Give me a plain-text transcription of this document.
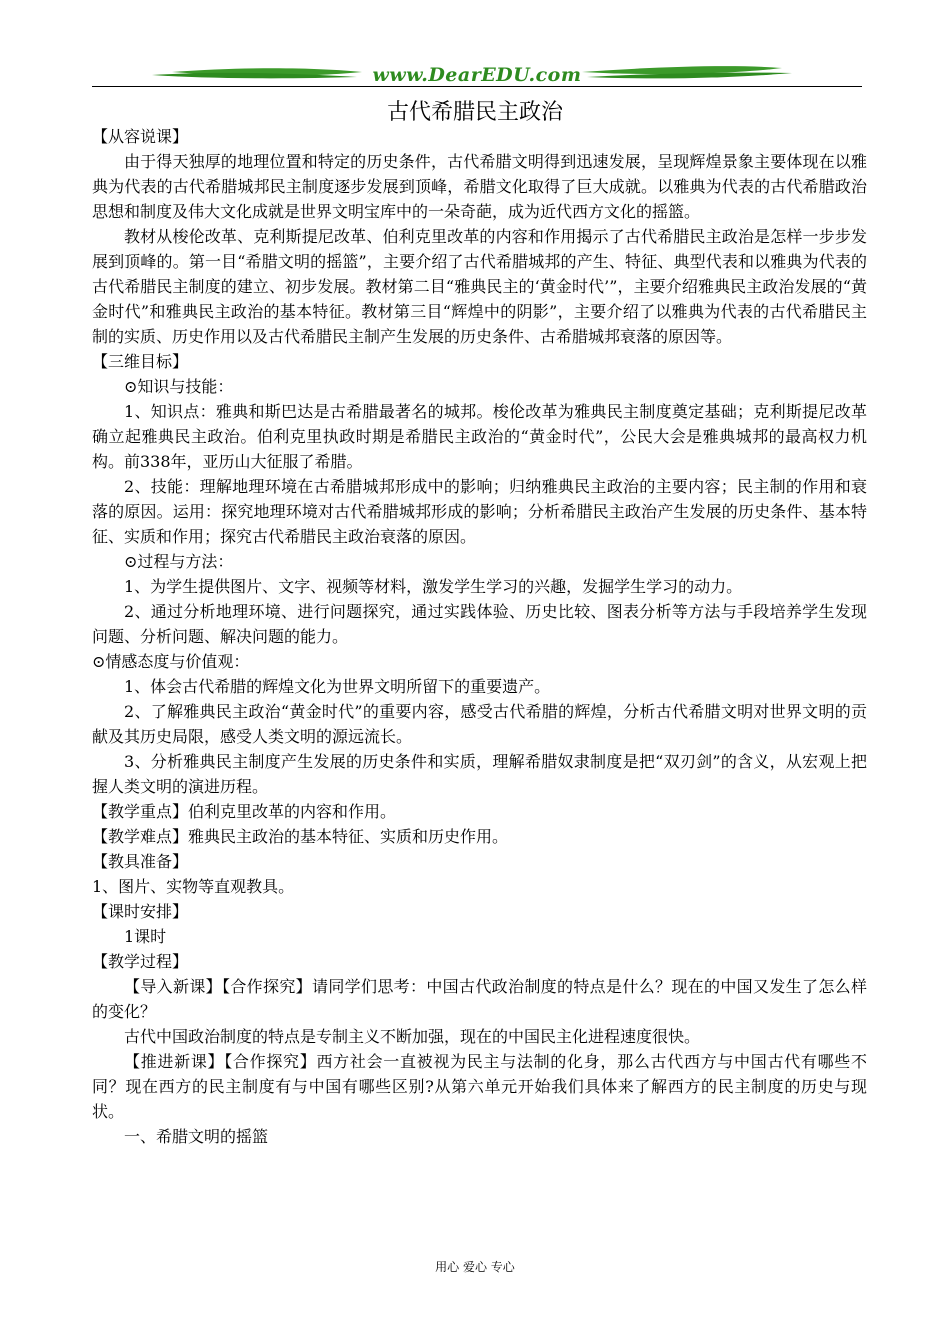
www.DearEDU.com
古代希腊民主政治

【从容说课】

由于得天独厚的地理位置和特定的历史条件，古代希腊文明得到迅速发展，呈现辉煌景象主要体现在以雅典为代表的古代希腊城邦民主制度逐步发展到顶峰，希腊文化取得了巨大成就。以雅典为代表的古代希腊政治思想和制度及伟大文化成就是世界文明宝库中的一朵奇葩，成为近代西方文化的摇篮。

教材从梭伦改革、克利斯提尼改革、伯利克里改革的内容和作用揭示了古代希腊民主政治是怎样一步步发展到顶峰的。第一目“希腊文明的摇篮”，主要介绍了古代希腊城邦的产生、特征、典型代表和以雅典为代表的古代希腊民主制度的建立、初步发展。教材第二目“雅典民主的‘黄金时代’”，主要介绍雅典民主政治发展的“黄金时代”和雅典民主政治的基本特征。教材第三目“辉煌中的阴影”，主要介绍了以雅典为代表的古代希腊民主制的实质、历史作用以及古代希腊民主制产生发展的历史条件、古希腊城邦衰落的原因等。

【三维目标】

⊙知识与技能：

1、知识点：雅典和斯巴达是古希腊最著名的城邦。梭伦改革为雅典民主制度奠定基础；克利斯提尼改革确立起雅典民主政治。伯利克里执政时期是希腊民主政治的“黄金时代”，公民大会是雅典城邦的最高权力机构。前338年，亚历山大征服了希腊。

2、技能：理解地理环境在古希腊城邦形成中的影响；归纳雅典民主政治的主要内容；民主制的作用和衰落的原因。运用：探究地理环境对古代希腊城邦形成的影响；分析希腊民主政治产生发展的历史条件、基本特征、实质和作用；探究古代希腊民主政治衰落的原因。

⊙过程与方法：

1、为学生提供图片、文字、视频等材料，激发学生学习的兴趣，发掘学生学习的动力。

2、通过分析地理环境、进行问题探究，通过实践体验、历史比较、图表分析等方法与手段培养学生发现问题、分析问题、解决问题的能力。

⊙情感态度与价值观：

1、体会古代希腊的辉煌文化为世界文明所留下的重要遗产。

2、了解雅典民主政治“黄金时代”的重要内容，感受古代希腊的辉煌，分析古代希腊文明对世界文明的贡献及其历史局限，感受人类文明的源远流长。

3、分析雅典民主制度产生发展的历史条件和实质，理解希腊奴隶制度是把“双刃剑”的含义，从宏观上把握人类文明的演进历程。

【教学重点】伯利克里改革的内容和作用。

【教学难点】雅典民主政治的基本特征、实质和历史作用。

【教具准备】

1、图片、实物等直观教具。

【课时安排】

1课时

【教学过程】

【导入新课】【合作探究】请同学们思考：中国古代政治制度的特点是什么？现在的中国又发生了怎么样的变化？

古代中国政治制度的特点是专制主义不断加强，现在的中国民主化进程速度很快。

【推进新课】【合作探究】西方社会一直被视为民主与法制的化身，那么古代西方与中国古代有哪些不同？现在西方的民主制度有与中国有哪些区别?从第六单元开始我们具体来了解西方的民主制度的历史与现状。

一、希腊文明的摇篮

用心 爱心 专心
